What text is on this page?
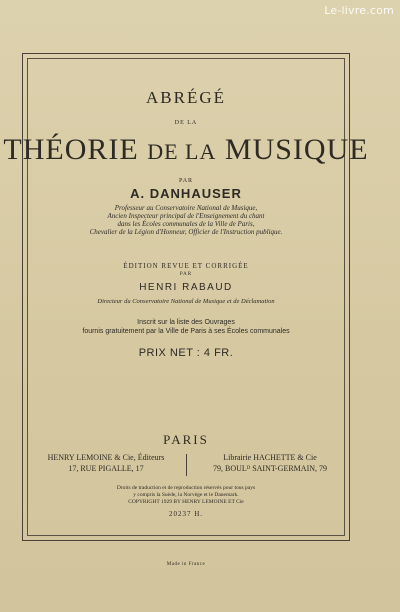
Le-livre.com
ABRÉGÉ
DE LA
THÉORIE DE LA MUSIQUE
PAR
A. DANHAUSER
Professeur au Conservatoire National de Musique,
Ancien Inspecteur principal de l'Enseignement du chant
dans les Écoles communales de la Ville de Paris,
Chevalier de la Légion d'Honneur, Officier de l'Instruction publique.
ÉDITION REVUE ET CORRIGÉE
PAR
HENRI RABAUD
Directeur du Conservatoire National de Musique et de Déclamation
Inscrit sur la liste des Ouvrages
fournis gratuitement par la Ville de Paris à ses Écoles communales
PRIX NET : 4 FR.
PARIS
HENRY LEMOINE & Cie, Éditeurs
17, RUE PIGALLE, 17
Librairie HACHETTE & Cie
79, BOULᴰ SAINT-GERMAIN, 79
Droits de traduction et de reproduction réservés pour tous pays
y compris la Suède, la Norvège et le Danemark.
COPYRIGHT 1929 BY HENRY LEMOINE ET Cie
20237 H.
Made in France
